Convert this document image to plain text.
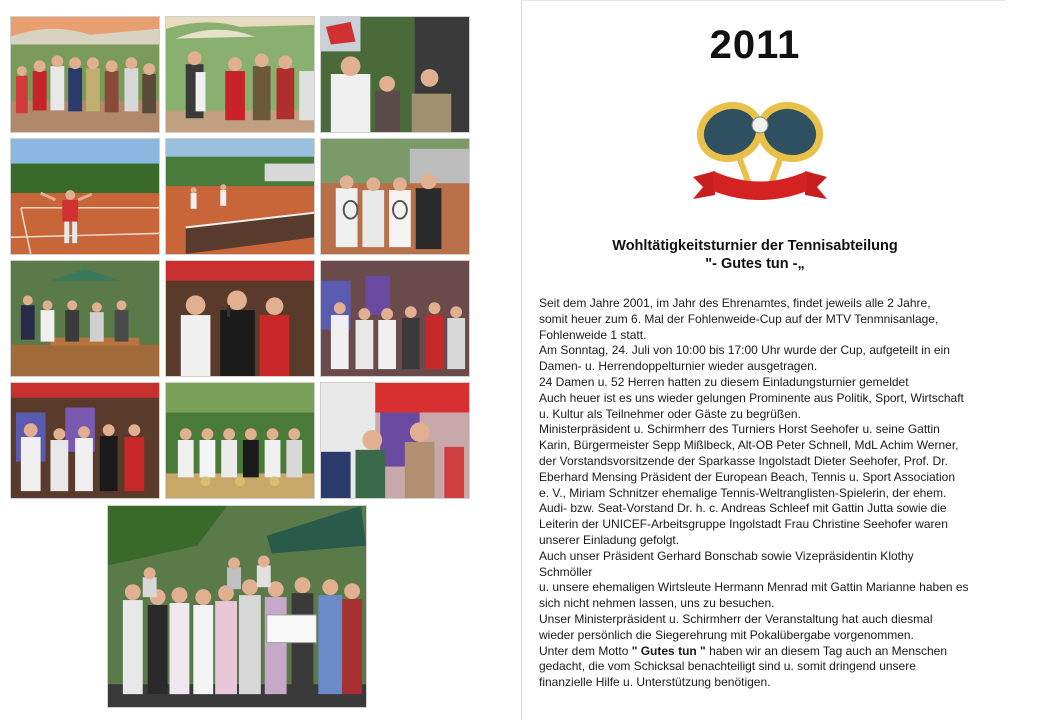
2011
Wohltätigkeitsturnier der Tennisabteilung
"- Gutes tun -„

Seit dem Jahre 2001, im Jahr des Ehrenamtes, findet jeweils alle 2 Jahre,

somit heuer zum 6. Mal der Fohlenweide-Cup auf der MTV Tenmnisanlage,

Fohlenweide 1 statt.

Am Sonntag, 24. Juli von 10:00 bis 17:00 Uhr wurde der Cup, aufgeteilt in ein

Damen- u. Herrendoppelturnier wieder ausgetragen.

24 Damen u. 52 Herren hatten zu diesem Einladungsturnier gemeldet

Auch heuer ist es uns wieder gelungen Prominente aus Politik, Sport, Wirtschaft

u. Kultur als Teilnehmer oder Gäste zu begrüßen.

Ministerpräsident u. Schirmherr des Turniers Horst Seehofer u. seine Gattin

Karin, Bürgermeister Sepp Mißlbeck, Alt-OB Peter Schnell, MdL Achim Werner,

der Vorstandsvorsitzende der Sparkasse Ingolstadt Dieter Seehofer, Prof. Dr.

Eberhard Mensing Präsident der European Beach, Tennis u. Sport Association

e. V., Miriam Schnitzer ehemalige Tennis-Weltranglisten-Spielerin, der ehem.

Audi- bzw. Seat-Vorstand Dr. h. c. Andreas Schleef mit Gattin Jutta sowie die

Leiterin der UNICEF-Arbeitsgruppe Ingolstadt Frau Christine Seehofer waren

unserer Einladung gefolgt.

Auch unser Präsident Gerhard Bonschab sowie Vizepräsidentin Klothy

Schmöller

u. unsere ehemaligen Wirtsleute Hermann Menrad mit Gattin Marianne haben es

sich nicht nehmen lassen, uns zu besuchen.

Unser Ministerpräsident u. Schirmherr der Veranstaltung hat auch diesmal

wieder persönlich die Siegerehrung mit Pokalübergabe vorgenommen.

Unter dem Motto " Gutes tun " haben wir an diesem Tag auch an Menschen

gedacht, die vom Schicksal benachteiligt sind u. somit dringend unsere

finanzielle Hilfe u. Unterstützung benötigen.
